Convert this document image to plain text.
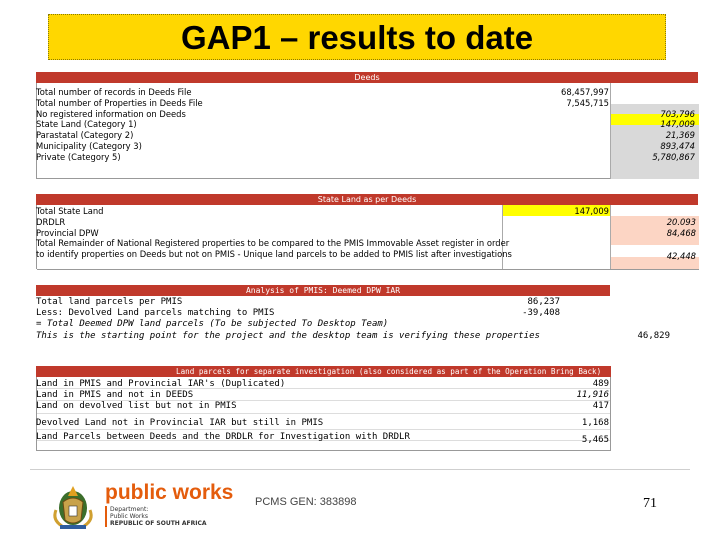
GAP1 – results to date
Deeds
Total number of records in Deeds File	68,457,997
Total number of Properties in Deeds File	7,545,715
No registered information on Deeds	703,796
State Land (Category 1)	147,009
Parastatal (Category 2)	21,369
Municipality (Category 3)	893,474
Private (Category 5)	5,780,867
State Land as per Deeds
Total State Land	147,009
DRDLR	20.093
Provincial DPW	84,468
Total Remainder of National Registered properties to be compared to the PMIS Immovable Asset register in order
to identify properties on Deeds but not on PMIS - Unique land parcels to be added to PMIS list after investigations	42,448
Analysis of PMIS: Deemed DPW IAR
Total land parcels per PMIS	86,237
Less: Devolved Land parcels matching to PMIS	-39,408
= Total Deemed DPW land parcels (To be subjected To Desktop Team)
This is the starting point for the project and the desktop team is verifying these properties	46,829
Land parcels for separate investigation (also considered as part of the Operation Bring Back)
Land in PMIS and Provincial IAR's (Duplicated)	489
Land in PMIS and not in DEEDS	11,916
Land on devolved list but not in PMIS	417
Devolved Land not in Provincial IAR but still in PMIS	1,168
Land Parcels between Deeds and the DRDLR for Investigation with DRDLR	5,465
public works
Department:
Public Works
REPUBLIC OF SOUTH AFRICA
PCMS GEN: 383898	71
